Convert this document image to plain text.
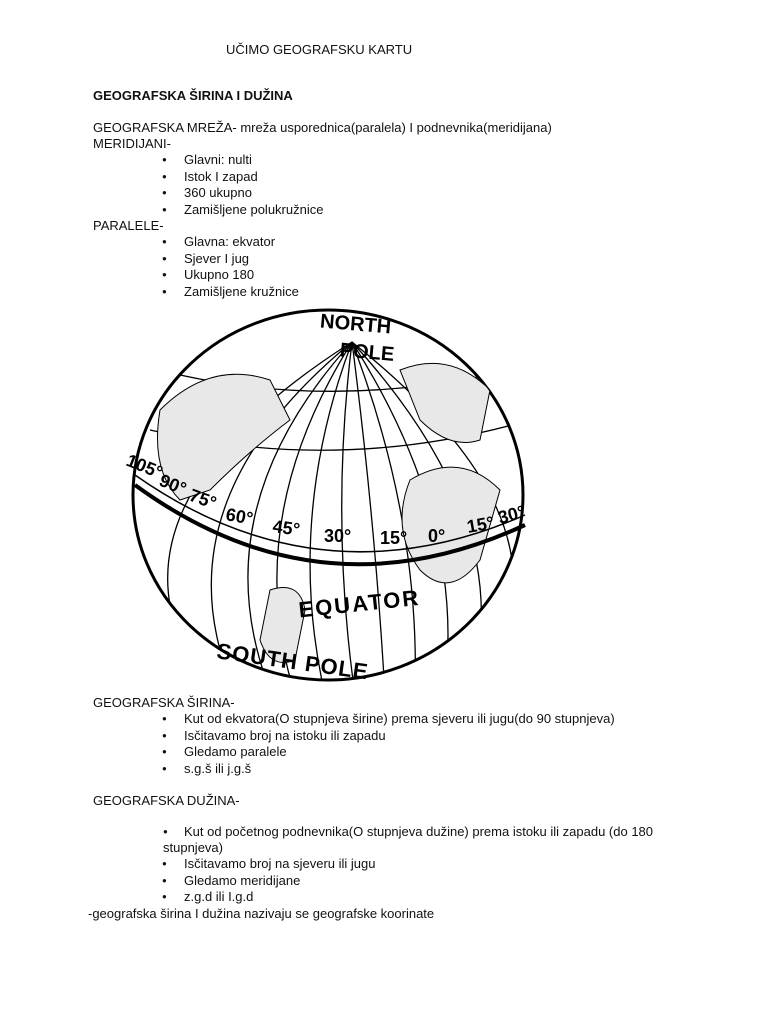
UČIMO GEOGRAFSKU KARTU
GEOGRAFSKA ŠIRINA I DUŽINA
GEOGRAFSKA MREŽA- mreža usporednica(paralela) I podnevnika(meridijana)
MERIDIJANI-
● Glavni: nulti
● Istok I zapad
● 360 ukupno
● Zamišljene polukružnice
PARALELE-
● Glavna: ekvator
● Sjever I jug
● Ukupno 180
● Zamišljene kružnice
NORTH
POLE
105°
90°
75°
60° 45° 30° 15° 0° 15° 30°
EQUATOR
SOUTH POLE
GEOGRAFSKA ŠIRINA-
● Kut od ekvatora(O stupnjeva širine) prema sjeveru ili jugu(do 90 stupnjeva)
● Isčitavamo broj na istoku ili zapadu
● Gledamo paralele
● s.g.š ili j.g.š
GEOGRAFSKA DUŽINA-
● Kut od početnog podnevnika(O stupnjeva dužine) prema istoku ili zapadu (do 180 stupnjeva)
● Isčitavamo broj na sjeveru ili jugu
● Gledamo meridijane
● z.g.d ili I.g.d
-geografska širina I dužina nazivaju se geografske koorinate
